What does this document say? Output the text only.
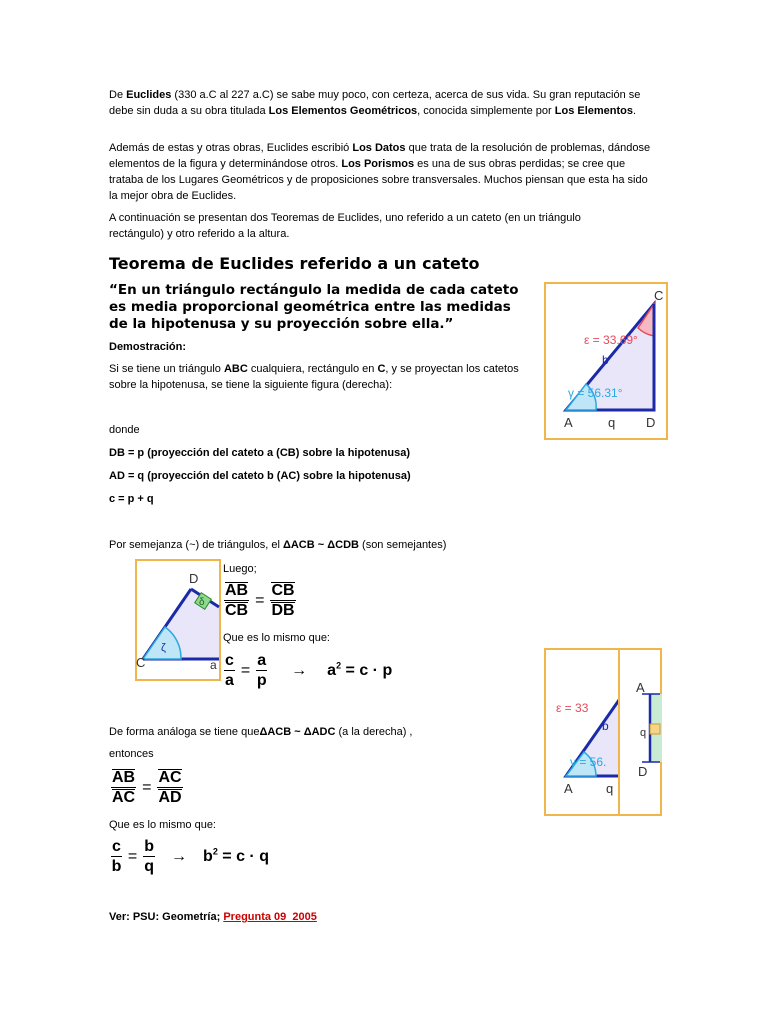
De Euclides (330 a.C al 227 a.C) se sabe muy poco, con certeza, acerca de sus vida. Su gran reputación se debe sin duda a su obra titulada Los Elementos Geométricos, conocida simplemente por Los Elementos.
Además de estas y otras obras, Euclides escribió Los Datos que trata de la resolución de problemas, dándose elementos de la figura y determinándose otros. Los Porismos es una de sus obras perdidas; se cree que trataba de los Lugares Geométricos y de proposiciones sobre transversales. Muchos piensan que esta ha sido la mejor obra de Euclides.
A continuación se presentan dos Teoremas de Euclides, uno referido a un cateto (en un triángulo rectángulo) y otro referido a la altura.
Teorema de Euclides referido a un cateto
“En un triángulo rectángulo la medida de cada cateto es media proporcional geométrica entre las medidas de la hipotenusa y su proyección sobre ella.”
Demostración:
Si se tiene un triángulo ABC cualquiera, rectángulo en C, y se proyectan los catetos sobre la hipotenusa, se tiene la siguiente figura (derecha):
ε = 33.69°
γ = 56.31°
b
A	q D
C
donde
DB = p (proyección del cateto a (CB) sobre la hipotenusa)
AD = q (proyección del cateto b (AC) sobre la hipotenusa)
c = p + q
Por semejanza (~) de triángulos, el ΔACB ~ ΔCDB (son semejantes)
D
C	a
δ
ζ
Luego;
$\frac{AB}{CB} = \frac{CB}{DB}$
Que es lo mismo que:
$\frac{c}{a} = \frac{a}{p} \to a^2 = c \cdot p$
ε = 33
b
γ = 56.
A	q
A
q
D
De forma análoga se tiene queΔACB ~ ΔADC (a la derecha) ,
entonces
$\frac{AB}{AC} = \frac{AC}{AD}$
Que es lo mismo que:
$\frac{c}{b} = \frac{b}{q} \to b^2 = c \cdot q$
Ver: PSU: Geometría; Pregunta 09_2005
